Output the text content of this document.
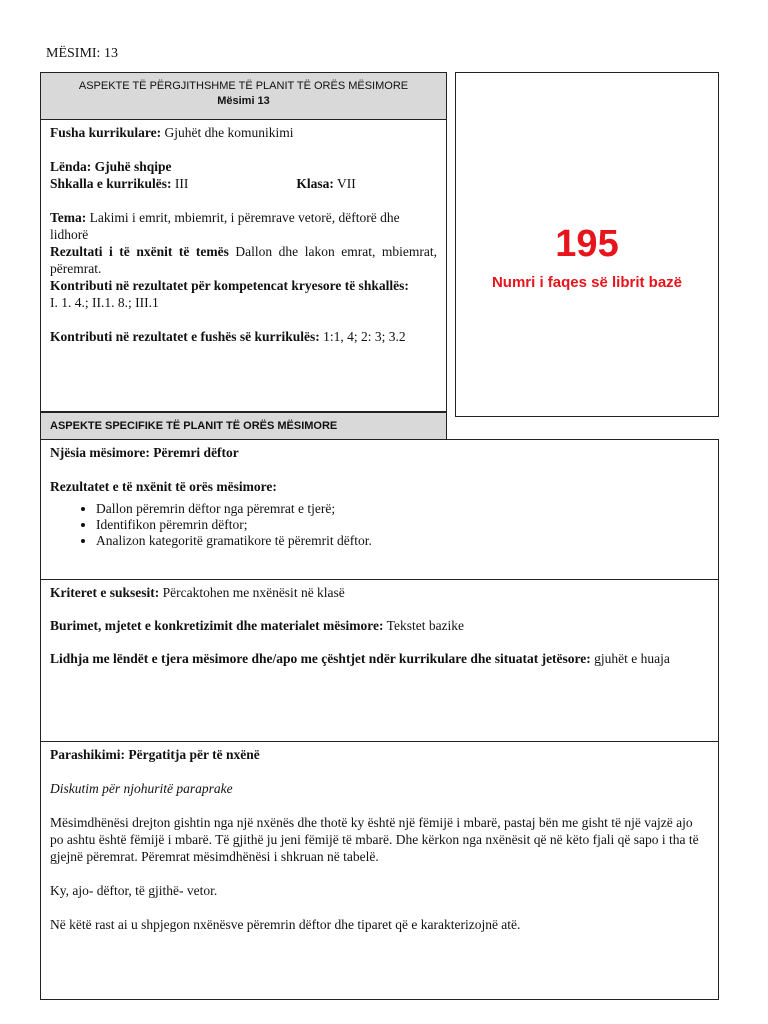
MËSIMI: 13
ASPEKTE TË PËRGJITHSHME TË PLANIT TË ORËS MËSIMORE
Mësimi 13

Fusha kurrikulare: Gjuhët dhe komunikimi

Lënda: Gjuhë shqipe

Shkalla e kurrikulës: III	Klasa: VII

Tema: Lakimi i emrit, mbiemrit, i përemrave vetorë, dëftorë dhe lidhorë

Rezultati i të nxënit të temës Dallon dhe lakon emrat, mbiemrat, përemrat.

Kontributi në rezultatet për kompetencat kryesore të shkallës:

I. 1. 4.; II.1. 8.; III.1

Kontributi në rezultatet e fushës së kurrikulës: 1:1, 4; 2: 3; 3.2

195
Numri i faqes së librit bazë
ASPEKTE SPECIFIKE TË PLANIT TË ORËS MËSIMORE

Njësia mësimore: Përemri dëftor

Rezultatet e të nxënit të orës mësimore:

• Dallon përemrin dëftor nga përemrat e tjerë;
• Identifikon përemrin dëftor;
• Analizon kategoritë gramatikore të përemrit dëftor.

Kriteret e suksesit: Përcaktohen me nxënësit në klasë

Burimet, mjetet e konkretizimit dhe materialet mësimore: Tekstet bazike

Lidhja me lëndët e tjera mësimore dhe/apo me çështjet ndër kurrikulare dhe situatat jetësore: gjuhët e huaja

Parashikimi: Përgatitja për të nxënë

Diskutim për njohuritë paraprake

Mësimdhënësi drejton gishtin nga një nxënës dhe thotë ky është një fëmijë i mbarë, pastaj bën me gisht të një vajzë ajo po ashtu është fëmijë i mbarë. Të gjithë ju jeni fëmijë të mbarë. Dhe kërkon nga nxënësit që në këto fjali që sapo i tha të gjejnë përemrat. Përemrat mësimdhënësi i shkruan në tabelë.

Ky, ajo- dëftor, të gjithë- vetor.

Në këtë rast ai u shpjegon nxënësve përemrin dëftor dhe tiparet që e karakterizojnë atë.
